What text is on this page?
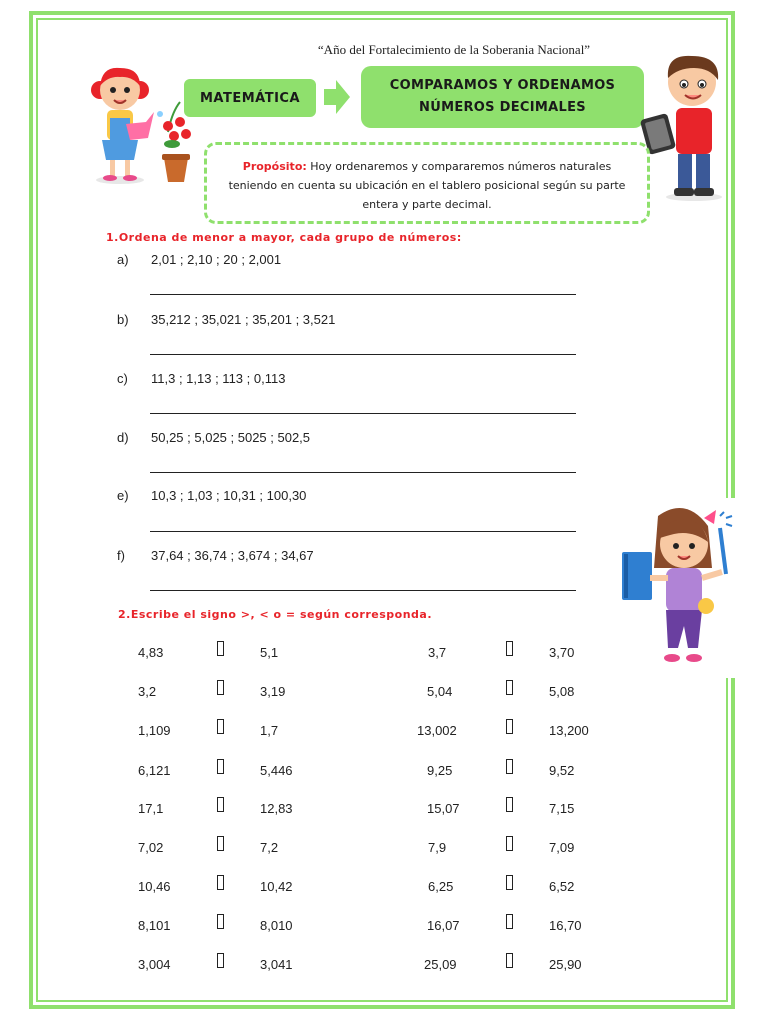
“Año del Fortalecimiento de la Soberania Nacional”
MATEMÁTICA
COMPARAMOS Y ORDENAMOS
NÚMEROS DECIMALES
Propósito: Hoy ordenaremos y compararemos números naturales
teniendo en cuenta su ubicación en el tablero posicional según su parte
entera y parte decimal.
1.Ordena de menor a mayor, cada grupo de números:
a) 2,01 ; 2,10 ; 20 ; 2,001
b) 35,212 ; 35,021 ; 35,201 ; 3,521
c) 11,3 ; 1,13 ; 113 ; 0,113
d) 50,25 ; 5,025 ; 5025 ; 502,5
e) 10,3 ; 1,03 ; 10,31 ; 100,30
f) 37,64 ; 36,74 ; 3,674 ; 34,67
2.Escribe el signo >, < o = según corresponda.
4,83	5,1	3,7	3,70
3,2	3,19	5,04	5,08
1,109	1,7	13,002	13,200
6,121	5,446	9,25	9,52
17,1	12,83	15,07	7,15
7,02	7,2	7,9	7,09
10,46	10,42	6,25	6,52
8,101	8,010	16,07	16,70
3,004	3,041	25,09	25,90
